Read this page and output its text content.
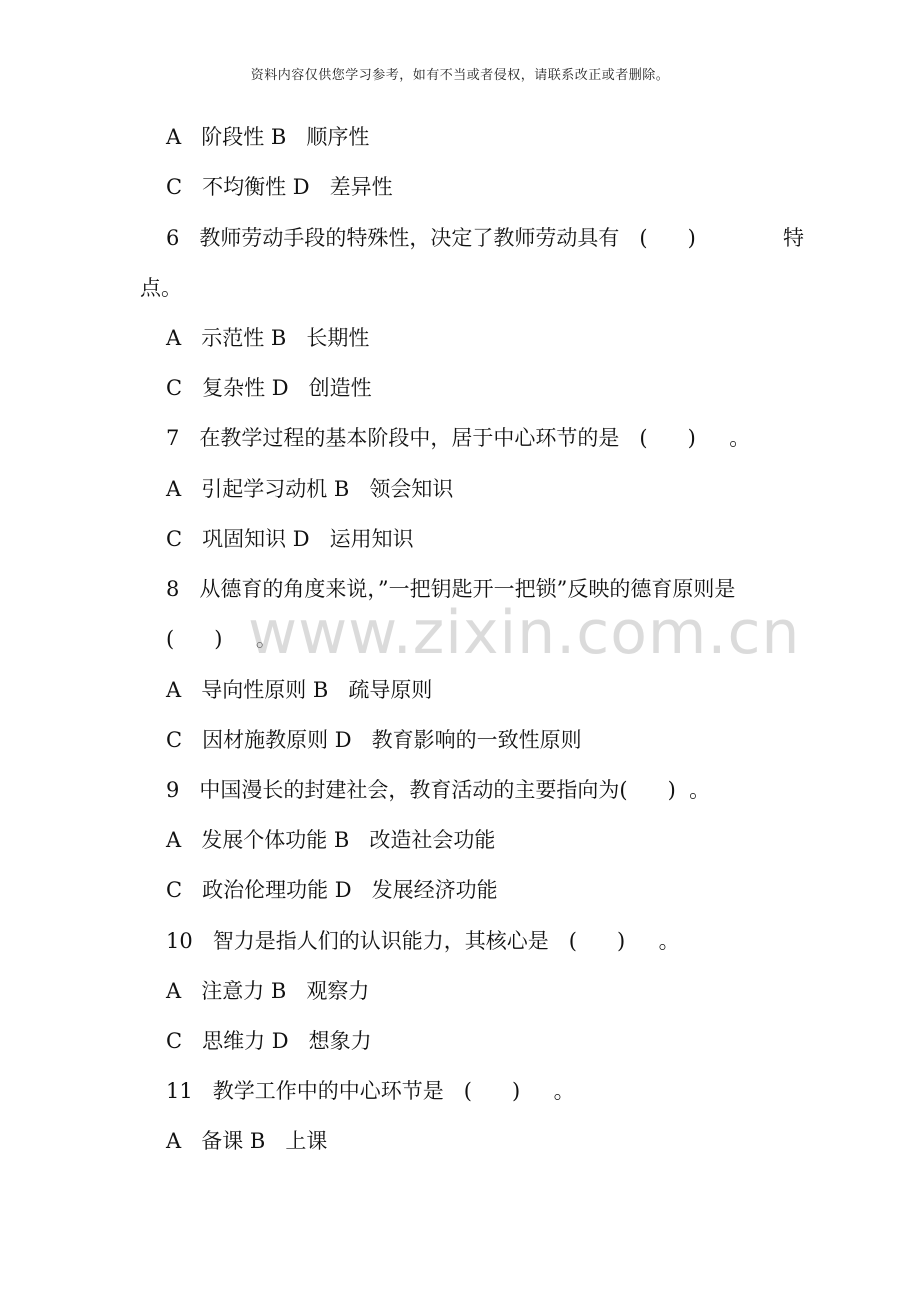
资料内容仅供您学习参考，如有不当或者侵权，请联系改正或者删除。
A   阶段性 B   顺序性
C   不均衡性 D   差异性
6   教师劳动手段的特殊性，决定了教师劳动具有   (      )	特
点。
A   示范性 B   长期性
C   复杂性 D   创造性
7   在教学过程的基本阶段中，居于中心环节的是   (      )     。
A   引起学习动机 B   领会知识
C   巩固知识 D   运用知识
8   从德育的角度来说，”一把钥匙开一把锁”反映的德育原则是
(      )     。
A   导向性原则 B   疏导原则
C   因材施教原则 D   教育影响的一致性原则
9   中国漫长的封建社会，教育活动的主要指向为(      )  。
A   发展个体功能 B   改造社会功能
C   政治伦理功能 D   发展经济功能
10   智力是指人们的认识能力，其核心是   (      )     。
A   注意力 B   观察力
C   思维力 D   想象力
11   教学工作中的中心环节是   (      )     。
A   备课 B   上课
www.zixin.com.cn
